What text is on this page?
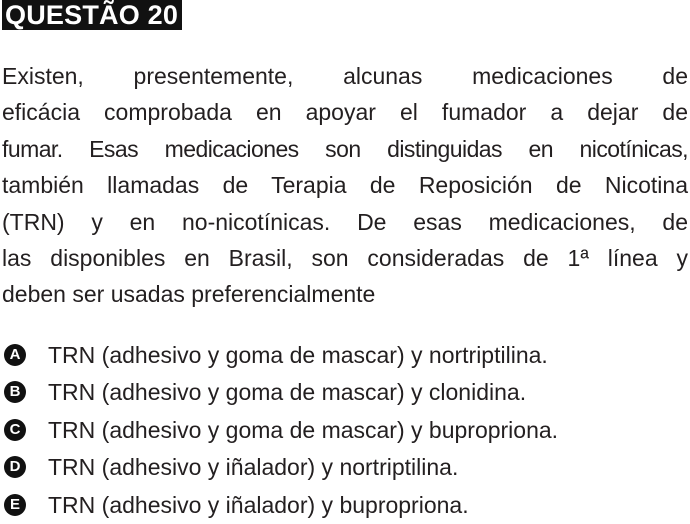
QUESTÃO 20
Existen, presentemente, alcunas medicaciones de
eficácia comprobada en apoyar el fumador a dejar de
fumar. Esas medicaciones son distinguidas en nicotínicas,
también llamadas de Terapia de Reposición de Nicotina
(TRN) y en no-nicotínicas. De esas medicaciones, de
las disponibles en Brasil, son consideradas de 1ª línea y
deben ser usadas preferencialmente
A TRN (adhesivo y goma de mascar) y nortriptilina.
B TRN (adhesivo y goma de mascar) y clonidina.
C TRN (adhesivo y goma de mascar) y bupropriona.
D TRN (adhesivo y iñalador) y nortriptilina.
E TRN (adhesivo y iñalador) y bupropriona.
